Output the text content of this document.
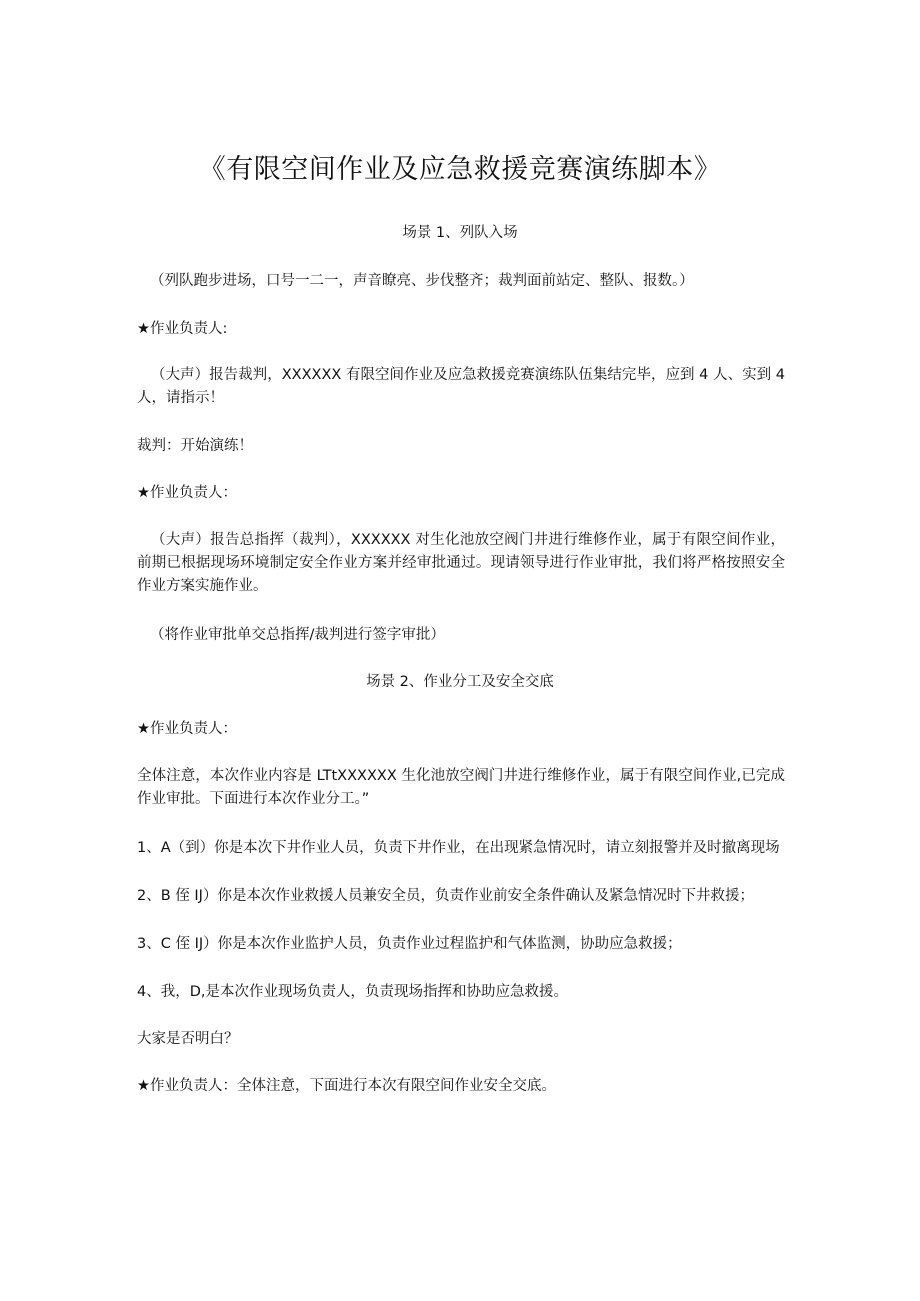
《有限空间作业及应急救援竞赛演练脚本》
场景 1、列队入场
（列队跑步进场，口号一二一，声音瞭亮、步伐整齐；裁判面前站定、整队、报数。）
★作业负责人:
（大声）报告裁判，XXXXXX 有限空间作业及应急救援竞赛演练队伍集结完毕，应到 4 人、实到 4 人，请指示！
裁判：开始演练！
★作业负责人：
（大声）报告总指挥（裁判），XXXXXX 对生化池放空阀门井进行维修作业，属于有限空间作业，前期已根据现场环境制定安全作业方案并经审批通过。现请领导进行作业审批，我们将严格按照安全作业方案实施作业。
（将作业审批单交总指挥/裁判进行签字审批）
场景 2、作业分工及安全交底
★作业负责人：
全体注意，本次作业内容是 LTtXXXXXX 生化池放空阀门井进行维修作业，属于有限空间作业,已完成作业审批。下面进行本次作业分工。”
1、A（到）你是本次下井作业人员，负责下井作业，在出现紧急情况时，请立刻报警并及时撤离现场
2、B 侄 IJ）你是本次作业救援人员兼安全员，负责作业前安全条件确认及紧急情况时下井救援；
3、C 侄 IJ）你是本次作业监护人员，负责作业过程监护和气体监测，协助应急救援；
4、我，D,是本次作业现场负责人，负责现场指挥和协助应急救援。
大家是否明白？
★作业负责人：全体注意，下面进行本次有限空间作业安全交底。
